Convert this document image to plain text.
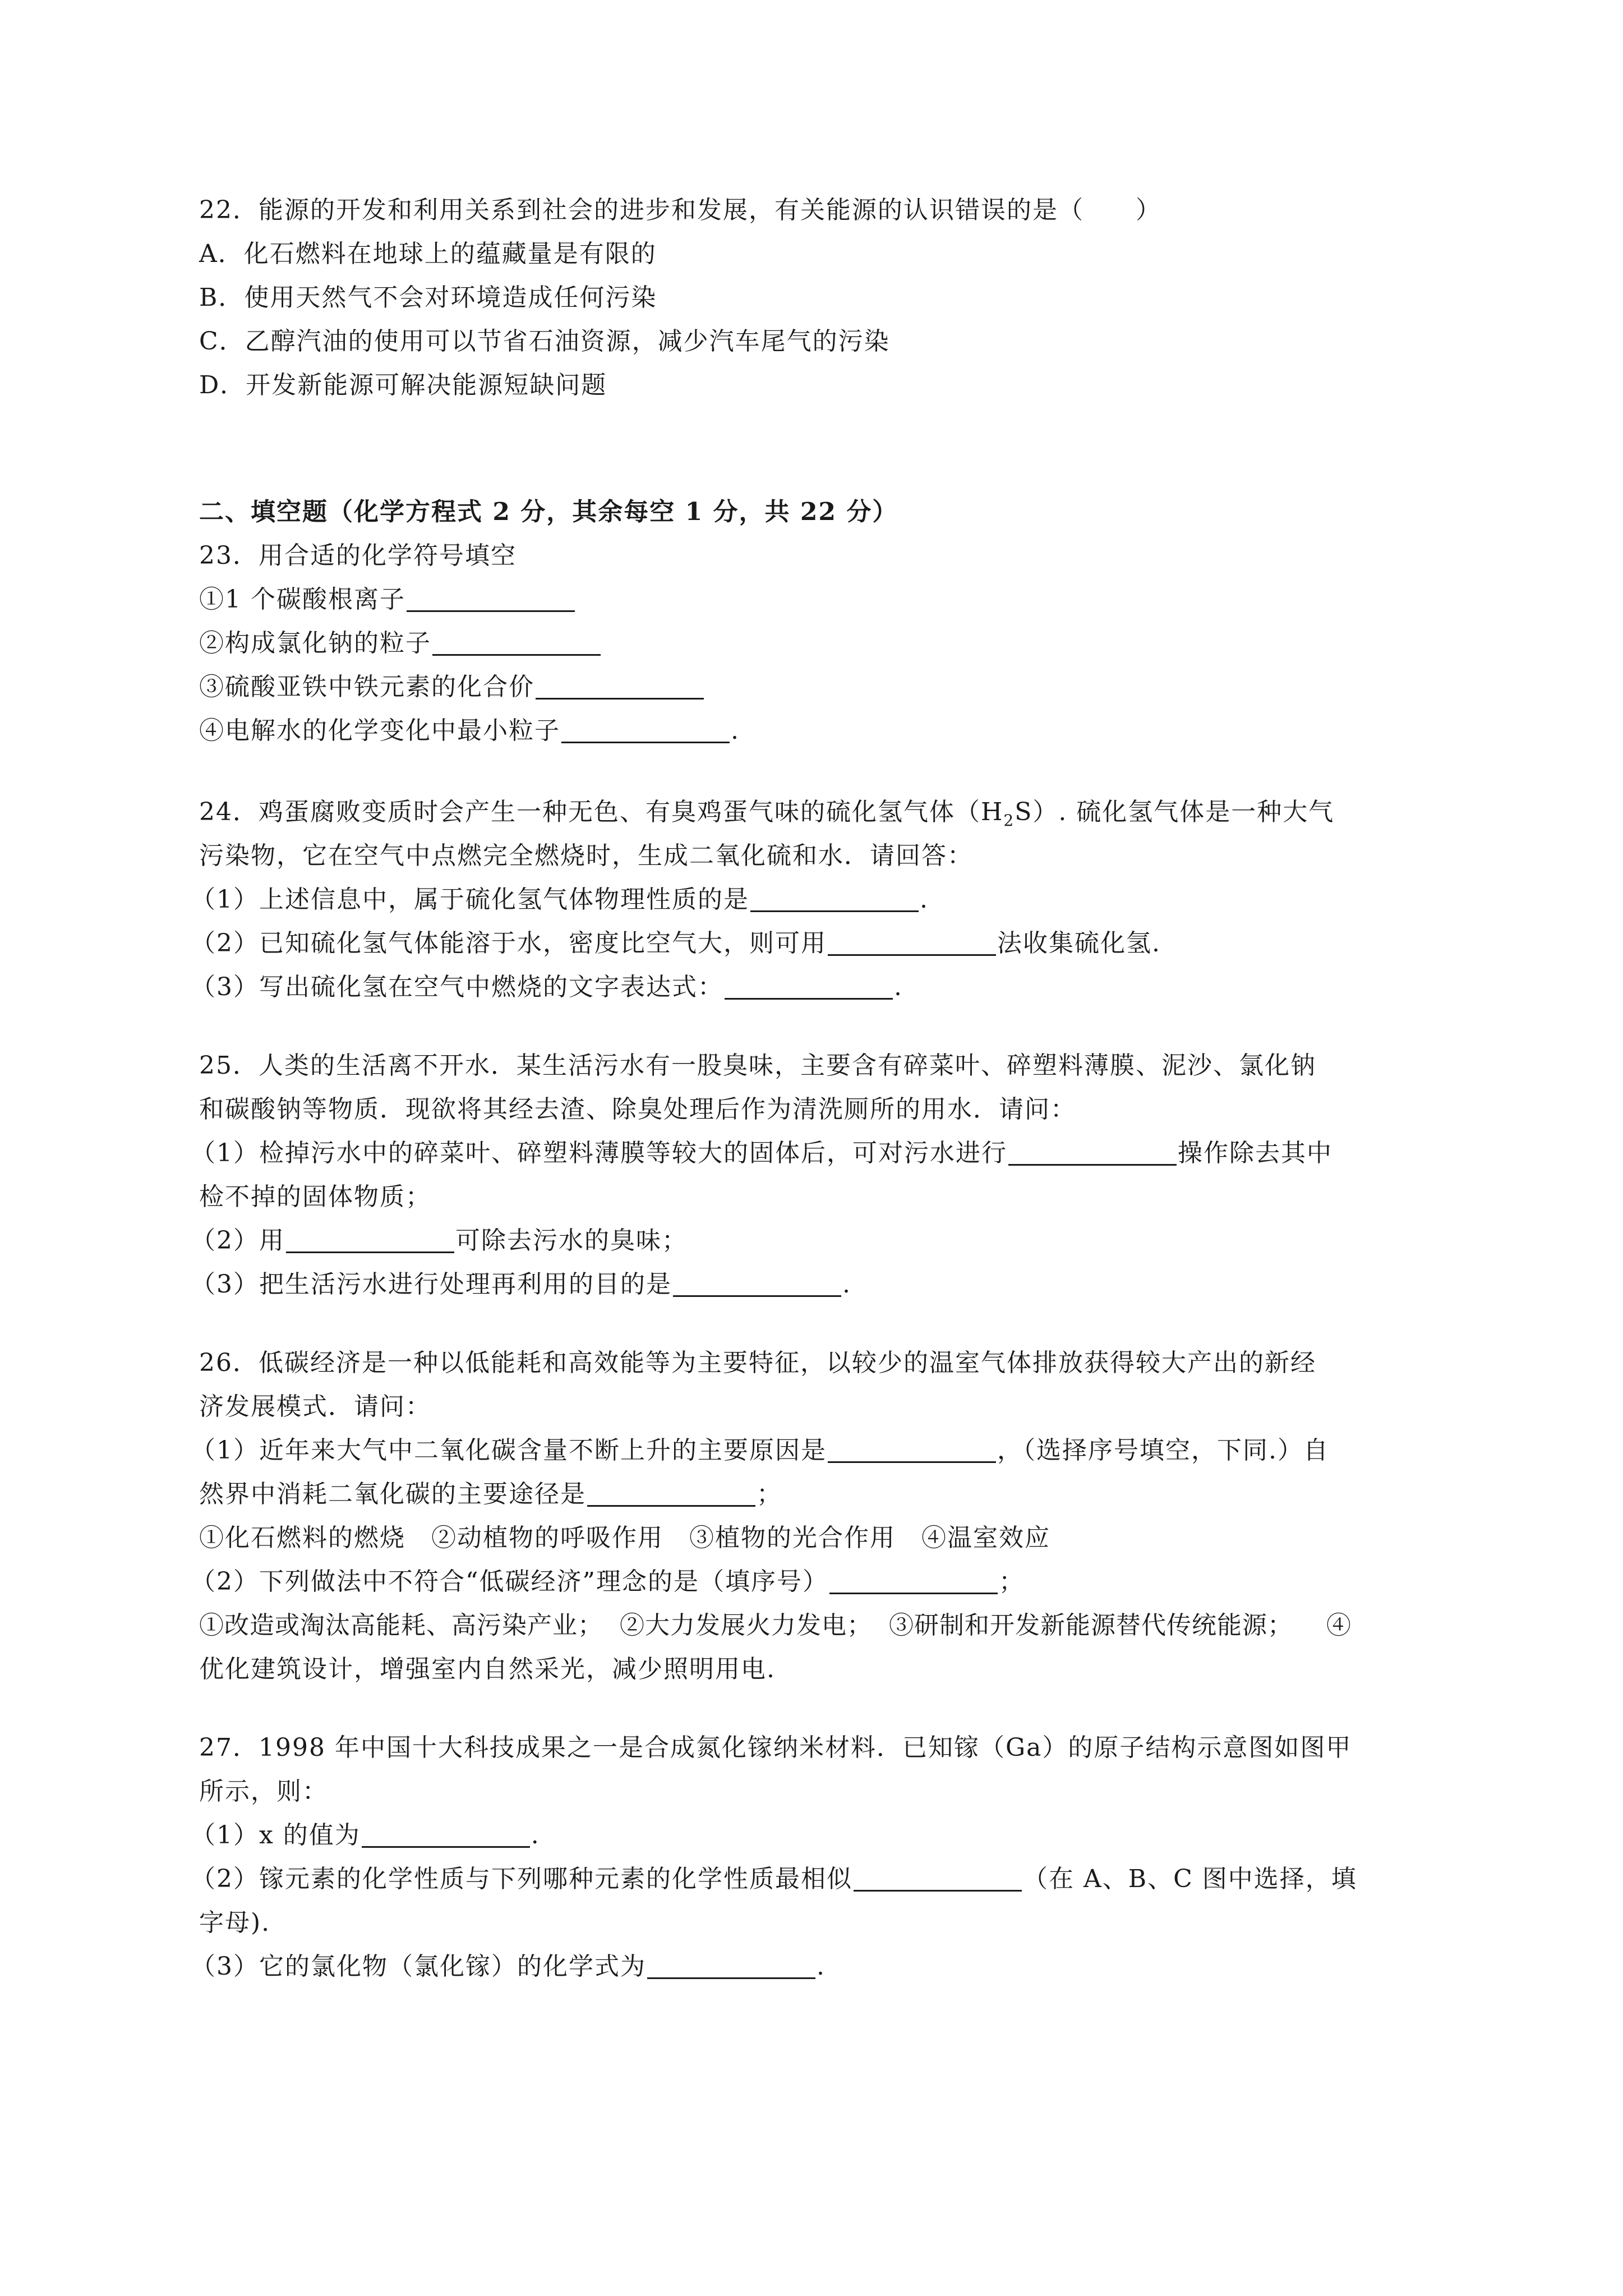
22．能源的开发和利用关系到社会的进步和发展，有关能源的认识错误的是（　　）
A．化石燃料在地球上的蕴藏量是有限的
B．使用天然气不会对环境造成任何污染
C．乙醇汽油的使用可以节省石油资源，减少汽车尾气的污染
D．开发新能源可解决能源短缺问题
二、填空题（化学方程式 2 分，其余每空 1 分，共 22 分）
23．用合适的化学符号填空
①1 个碳酸根离子
②构成氯化钠的粒子
③硫酸亚铁中铁元素的化合价
④电解水的化学变化中最小粒子	.
24．鸡蛋腐败变质时会产生一种无色、有臭鸡蛋气味的硫化氢气体$(H_2S)$. 硫化氢气体是一种大气
污染物，它在空气中点燃完全燃烧时，生成二氧化硫和水．请回答：
（1）上述信息中，属于硫化氢气体物理性质的是	.
（2）已知硫化氢气体能溶于水，密度比空气大，则可用	法收集硫化氢.
（3）写出硫化氢在空气中燃烧的文字表达式：	.
25．人类的生活离不开水．某生活污水有一股臭味，主要含有碎菜叶、碎塑料薄膜、泥沙、氯化钠
和碳酸钠等物质．现欲将其经去渣、除臭处理后作为清洗厕所的用水．请问：
（1）检掉污水中的碎菜叶、碎塑料薄膜等较大的固体后，可对污水进行	操作除去其中
检不掉的固体物质；
（2）用	可除去污水的臭味；
（3）把生活污水进行处理再利用的目的是	.
26．低碳经济是一种以低能耗和高效能等为主要特征，以较少的温室气体排放获得较大产出的新经
济发展模式．请问：
（1）近年来大气中二氧化碳含量不断上升的主要原因是	，（选择序号填空，下同.）自
然界中消耗二氧化碳的主要途径是	；
①化石燃料的燃烧　②动植物的呼吸作用　③植物的光合作用　④温室效应
（2）下列做法中不符合“低碳经济”理念的是（填序号）	；
①改造或淘汰高能耗、高污染产业；  ②大力发展火力发电；  ③研制和开发新能源替代传统能源；    ④
优化建筑设计，增强室内自然采光，减少照明用电.
27．1998 年中国十大科技成果之一是合成氮化镓纳米材料．已知镓（Ga）的原子结构示意图如图甲
所示，则：
（1）x 的值为	.
（2）镓元素的化学性质与下列哪种元素的化学性质最相似	（在 A、B、C 图中选择，填
字母).
（3）它的氯化物（氯化镓）的化学式为	.
